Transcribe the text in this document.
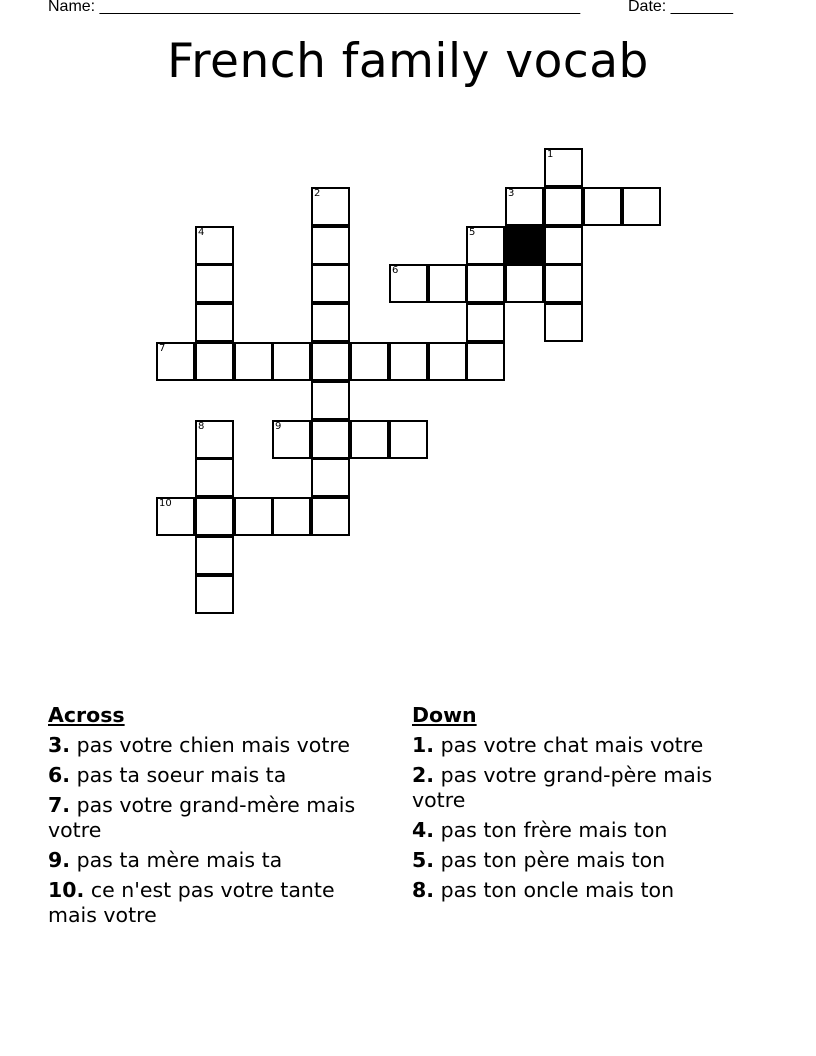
Name: ______________________________________________________	Date: _______
French family vocab
1
2	3
4	5
6
7
8	9
10
Across
3. pas votre chien mais votre
6. pas ta soeur mais ta
7. pas votre grand-mère mais votre
9. pas ta mère mais ta
10. ce n'est pas votre tante mais votre
Down
1. pas votre chat mais votre
2. pas votre grand-père mais votre
4. pas ton frère mais ton
5. pas ton père mais ton
8. pas ton oncle mais ton
